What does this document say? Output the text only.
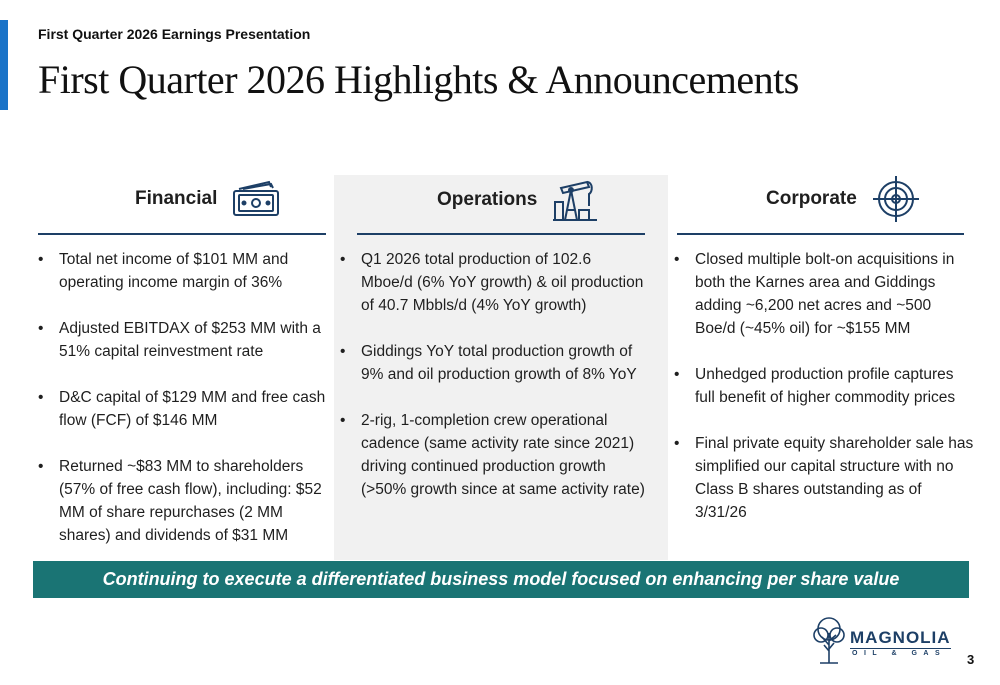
First Quarter 2026 Earnings Presentation
First Quarter 2026 Highlights & Announcements
Financial
• Total net income of $101 MM and operating income margin of 36%
• Adjusted EBITDAX of $253 MM with a 51% capital reinvestment rate
• D&C capital of $129 MM and free cash flow (FCF) of $146 MM
• Returned ~$83 MM to shareholders (57% of free cash flow), including: $52 MM of share repurchases (2 MM shares) and dividends of $31 MM
Operations
• Q1 2026 total production of 102.6 Mboe/d (6% YoY growth) & oil production of 40.7 Mbbls/d (4% YoY growth)
• Giddings YoY total production growth of 9% and oil production growth of 8% YoY
• 2-rig, 1-completion crew operational cadence (same activity rate since 2021) driving continued production growth (>50% growth since at same activity rate)
Corporate
• Closed multiple bolt-on acquisitions in both the Karnes area and Giddings adding ~6,200 net acres and ~500 Boe/d (~45% oil) for ~$155 MM
• Unhedged production profile captures full benefit of higher commodity prices
• Final private equity shareholder sale has simplified our capital structure with no Class B shares outstanding as of 3/31/26
Continuing to execute a differentiated business model focused on enhancing per share value
MAGNOLIA
OIL & GAS	3
